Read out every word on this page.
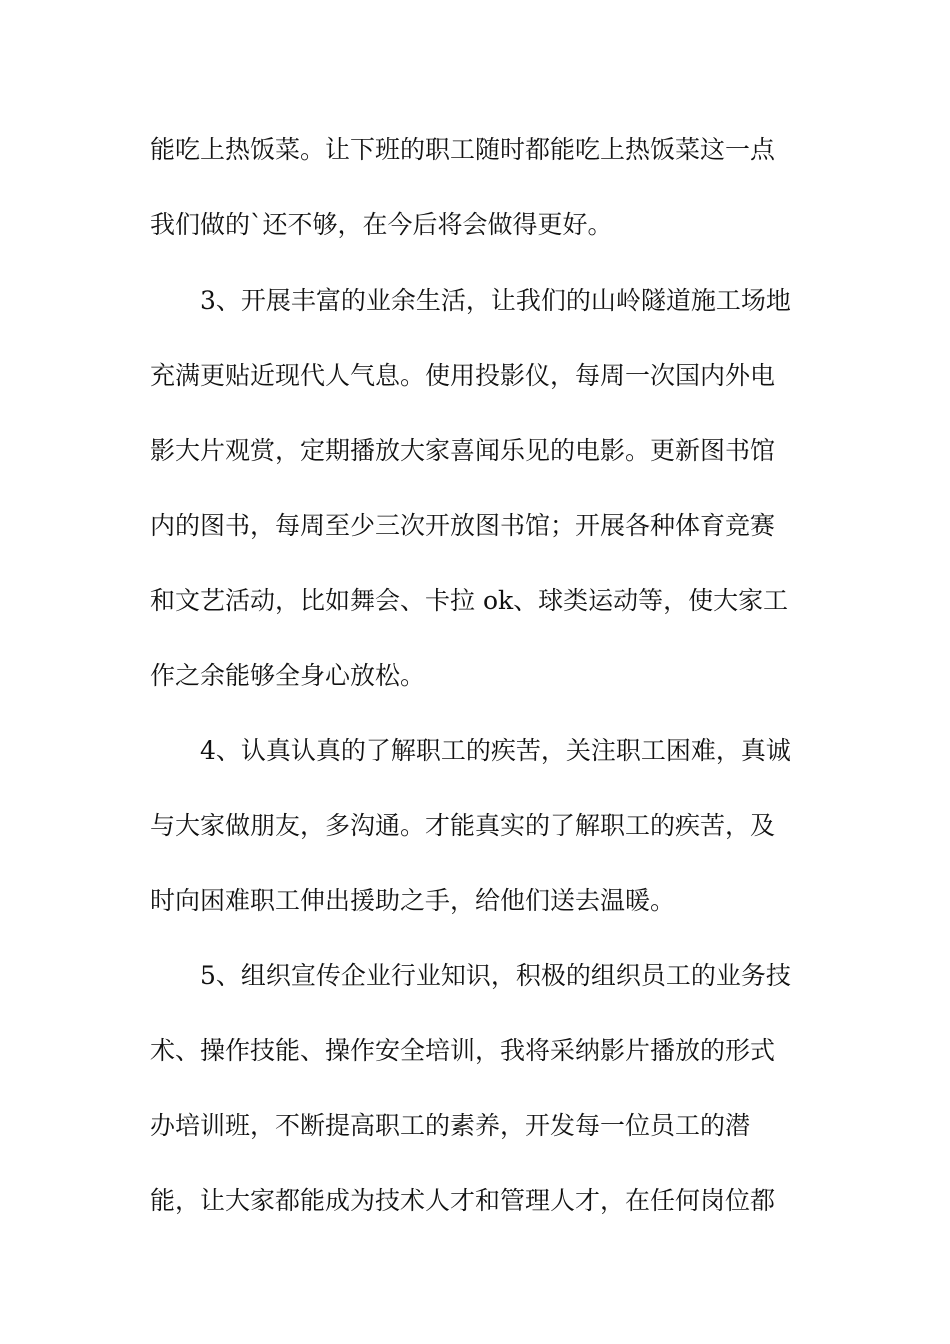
能吃上热饭菜。让下班的职工随时都能吃上热饭菜这一点
我们做的`还不够，在今后将会做得更好。
3、开展丰富的业余生活，让我们的山岭隧道施工场地
充满更贴近现代人气息。使用投影仪，每周一次国内外电
影大片观赏，定期播放大家喜闻乐见的电影。更新图书馆
内的图书，每周至少三次开放图书馆；开展各种体育竞赛
和文艺活动，比如舞会、卡拉 ok、球类运动等，使大家工
作之余能够全身心放松。
4、认真认真的了解职工的疾苦，关注职工困难，真诚
与大家做朋友，多沟通。才能真实的了解职工的疾苦，及
时向困难职工伸出援助之手，给他们送去温暖。
5、组织宣传企业行业知识，积极的组织员工的业务技
术、操作技能、操作安全培训，我将采纳影片播放的形式
办培训班，不断提高职工的素养，开发每一位员工的潜
能，让大家都能成为技术人才和管理人才，在任何岗位都
